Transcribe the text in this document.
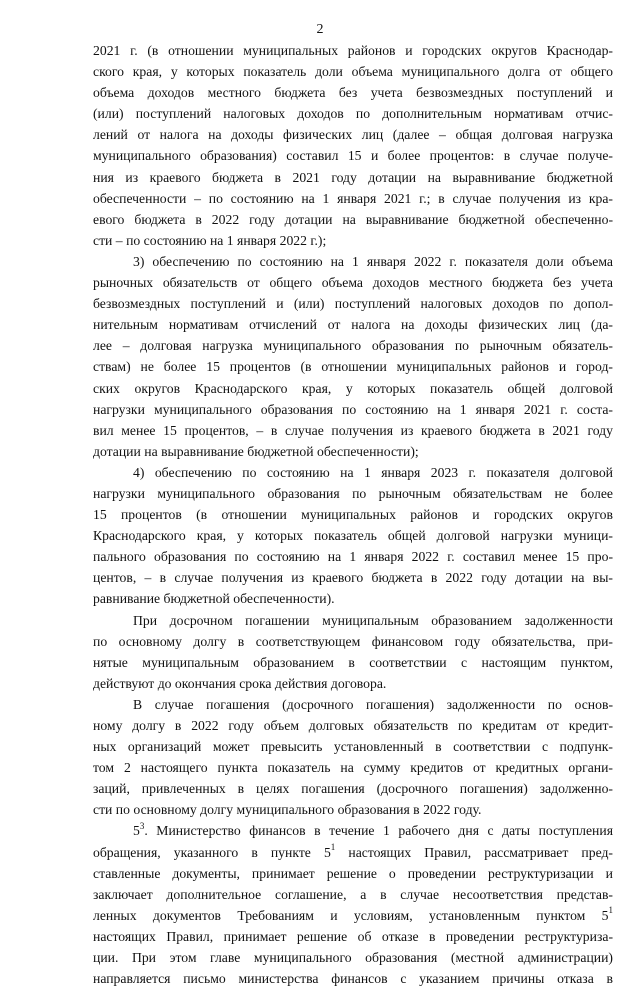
2
2021 г. (в отношении муниципальных районов и городских округов Краснодар-
ского края, у которых показатель доли объема муниципального долга от общего
объема доходов местного бюджета без учета безвозмездных поступлений и
(или) поступлений налоговых доходов по дополнительным нормативам отчис-
лений от налога на доходы физических лиц (далее – общая долговая нагрузка
муниципального образования) составил 15 и более процентов: в случае получе-
ния из краевого бюджета в 2021 году дотации на выравнивание бюджетной
обеспеченности – по состоянию на 1 января 2021 г.; в случае получения из кра-
евого бюджета в 2022 году дотации на выравнивание бюджетной обеспеченно-
сти – по состоянию на 1 января 2022 г.);
3) обеспечению по состоянию на 1 января 2022 г. показателя доли объема
рыночных обязательств от общего объема доходов местного бюджета без учета
безвозмездных поступлений и (или) поступлений налоговых доходов по допол-
нительным нормативам отчислений от налога на доходы физических лиц (да-
лее – долговая нагрузка муниципального образования по рыночным обязатель-
ствам) не более 15 процентов (в отношении муниципальных районов и город-
ских округов Краснодарского края, у которых показатель общей долговой
нагрузки муниципального образования по состоянию на 1 января 2021 г. соста-
вил менее 15 процентов, – в случае получения из краевого бюджета в 2021 году
дотации на выравнивание бюджетной обеспеченности);
4) обеспечению по состоянию на 1 января 2023 г. показателя долговой
нагрузки муниципального образования по рыночным обязательствам не более
15 процентов (в отношении муниципальных районов и городских округов
Краснодарского края, у которых показатель общей долговой нагрузки муници-
пального образования по состоянию на 1 января 2022 г. составил менее 15 про-
центов, – в случае получения из краевого бюджета в 2022 году дотации на вы-
равнивание бюджетной обеспеченности).
При досрочном погашении муниципальным образованием задолженности
по основному долгу в соответствующем финансовом году обязательства, при-
нятые муниципальным образованием в соответствии с настоящим пунктом,
действуют до окончания срока действия договора.
В случае погашения (досрочного погашения) задолженности по основ-
ному долгу в 2022 году объем долговых обязательств по кредитам от кредит-
ных организаций может превысить установленный в соответствии с подпунк-
том 2 настоящего пункта показатель на сумму кредитов от кредитных органи-
заций, привлеченных в целях погашения (досрочного погашения) задолженно-
сти по основному долгу муниципального образования в 2022 году.
$5^3$. Министерство финансов в течение 1 рабочего дня с даты поступления
обращения, указанного в пункте $5^1$ настоящих Правил, рассматривает пред-
ставленные документы, принимает решение о проведении реструктуризации и
заключает дополнительное соглашение, а в случае несоответствия представ-
ленных документов Требованиям и условиям, установленным пунктом $5^1$
настоящих Правил, принимает решение об отказе в проведении реструктуриза-
ции. При этом главе муниципального образования (местной администрации)
направляется письмо министерства финансов с указанием причины отказа в
